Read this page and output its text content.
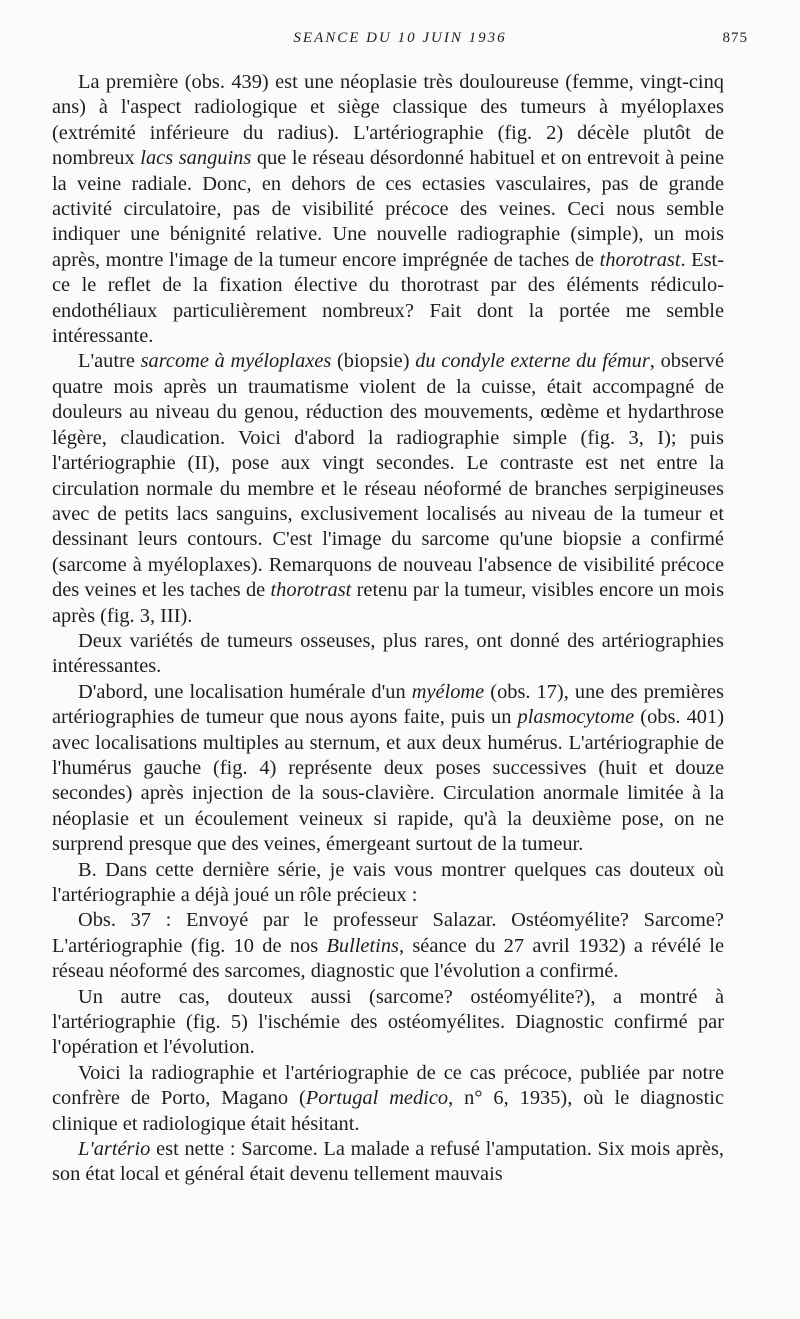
SEANCE DU 10 JUIN 1936	875

La première (obs. 439) est une néoplasie très douloureuse (femme, vingt-cinq ans) à l'aspect radiologique et siège classique des tumeurs à myéloplaxes (extrémité inférieure du radius). L'artériographie (fig. 2) décèle plutôt de nombreux lacs sanguins que le réseau désordonné habituel et on entrevoit à peine la veine radiale. Donc, en dehors de ces ectasies vasculaires, pas de grande activité circulatoire, pas de visibilité précoce des veines. Ceci nous semble indiquer une bénignité relative. Une nouvelle radiographie (simple), un mois après, montre l'image de la tumeur encore imprégnée de taches de thorotrast. Est-ce le reflet de la fixation élective du thorotrast par des éléments rédiculo-endothéliaux particulièrement nombreux? Fait dont la portée me semble intéressante.

L'autre sarcome à myéloplaxes (biopsie) du condyle externe du fémur, observé quatre mois après un traumatisme violent de la cuisse, était accompagné de douleurs au niveau du genou, réduction des mouvements, œdème et hydarthrose légère, claudication. Voici d'abord la radiographie simple (fig. 3, I); puis l'artériographie (II), pose aux vingt secondes. Le contraste est net entre la circulation normale du membre et le réseau néoformé de branches serpigineuses avec de petits lacs sanguins, exclusivement localisés au niveau de la tumeur et dessinant leurs contours. C'est l'image du sarcome qu'une biopsie a confirmé (sarcome à myéloplaxes). Remarquons de nouveau l'absence de visibilité précoce des veines et les taches de thorotrast retenu par la tumeur, visibles encore un mois après (fig. 3, III).

Deux variétés de tumeurs osseuses, plus rares, ont donné des artériographies intéressantes.

D'abord, une localisation humérale d'un myélome (obs. 17), une des premières artériographies de tumeur que nous ayons faite, puis un plasmocytome (obs. 401) avec localisations multiples au sternum, et aux deux humérus. L'artériographie de l'humérus gauche (fig. 4) représente deux poses successives (huit et douze secondes) après injection de la sous-clavière. Circulation anormale limitée à la néoplasie et un écoulement veineux si rapide, qu'à la deuxième pose, on ne surprend presque que des veines, émergeant surtout de la tumeur.

B. Dans cette dernière série, je vais vous montrer quelques cas douteux où l'artériographie a déjà joué un rôle précieux :

Obs. 37 : Envoyé par le professeur Salazar. Ostéomyélite? Sarcome? L'artériographie (fig. 10 de nos Bulletins, séance du 27 avril 1932) a révélé le réseau néoformé des sarcomes, diagnostic que l'évolution a confirmé.

Un autre cas, douteux aussi (sarcome? ostéomyélite?), a montré à l'artériographie (fig. 5) l'ischémie des ostéomyélites. Diagnostic confirmé par l'opération et l'évolution.

Voici la radiographie et l'artériographie de ce cas précoce, publiée par notre confrère de Porto, Magano (Portugal medico, n° 6, 1935), où le diagnostic clinique et radiologique était hésitant.

L'artério est nette : Sarcome. La malade a refusé l'amputation. Six mois après, son état local et général était devenu tellement mauvais
